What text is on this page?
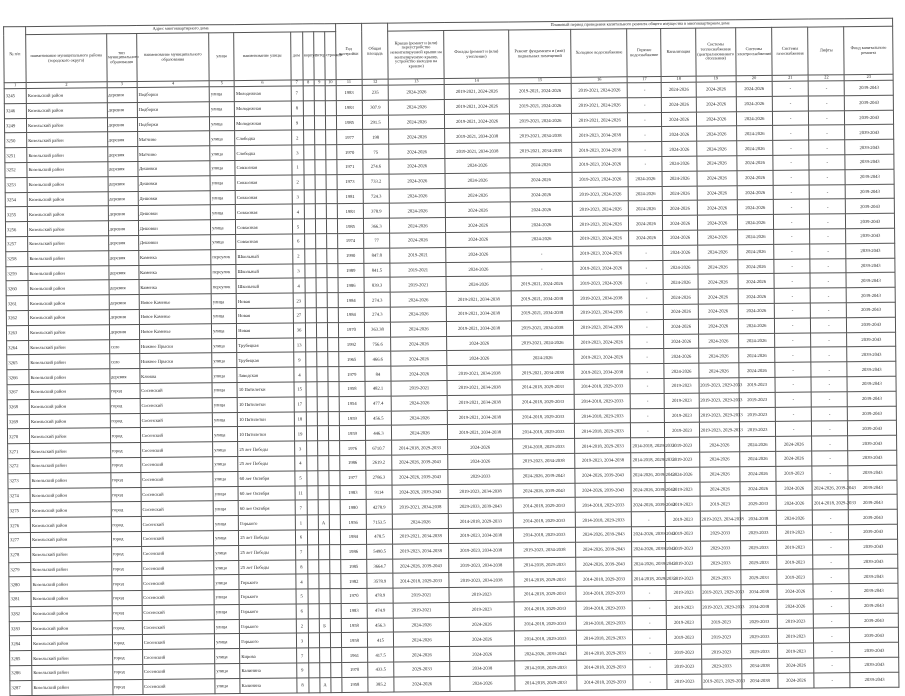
№ п/п	Адрес многоквартирного дома									Год постройки	Общая площадь	Плановый период проведения капитального ремонта общего имущества в многоквартирном доме										
	наименование муниципального района (городского округа)	тип муниципального образования	наименование муниципального образования	улица	наименование улицы	дом	корпус	литер	строение			Крыша (ремонт и (или) переустройство невентилируемой крыши на вентилируемую крышу, устройство выходов на кровлю)	Фасады (ремонт и (или) утепление)	Ремонт фундамента и (или) подвальных помещений	Холодное водоснабжение	Горячее водоснабжение	Канализация	Системы теплоснабжения (централизованного отопления)	Системы электроснабжения	Системы газоснабжения	Лифты	Фонд капитального ремонта
1	2	3	4	5	6	7	8	9	10	11	12	13	14	15	16	17	18	19	20	21	22	23
3245	Козельский район	деревня	Подборки	улица	Молодежная	7				1983	235	2024-2026	2019-2021, 2024-2026	2019-2021, 2024-2026	2019-2021, 2024-2026	-	2024-2026	2024-2026	2024-2026	-	-	2039-2043
3246	Козельский район	деревня	Подборки	улица	Молодежная	8				1983	307.9	2024-2026	2019-2021, 2024-2026	2019-2021, 2024-2026	2019-2021, 2024-2026	-	2024-2026	2024-2026	2024-2026	-	-	2039-2043
3249	Козельский район	деревня	Подборки	улица	Молодежная	9				1985	291.5	2024-2026	2019-2021, 2024-2026	2019-2021, 2024-2026	2019-2021, 2024-2026	-	2024-2026	2024-2026	2024-2026	-	-	2039-2043
3250	Козельский район	деревня	Матчино	улица	Слободка	2				1977	198	2024-2026	2019-2021, 2034-2038	2019-2021, 2034-2038	2019-2023, 2034-2038	-	2024-2026	2024-2026	2024-2026	-	-	2039-2043
3251	Козельский район	деревня	Матчино	улица	Слободка	3				1970	75	2024-2026	2019-2021, 2034-2038	2019-2021, 2034-2038	2019-2023, 2034-2038	-	2024-2026	2024-2026	2024-2026	-	-	2039-2043
3252	Козельский район	деревня	Дешовки	улица	Совхозная	1				1971	274.6	2024-2026	2024-2026	2024-2026	2019-2023, 2024-2026	-	2024-2026	2024-2026	2024-2026	-	-	2039-2043
3253	Козельский район	деревня	Дешовки	улица	Совхозная	2				1973	733.2	2024-2026	2024-2026	2024-2026	2019-2023, 2024-2026	2024-2026	2024-2026	2024-2026	2024-2026	-	-	2039-2043
3254	Козельский район	деревня	Дешовки	улица	Совхозная	3				1981	724.3	2024-2026	2024-2026	2024-2026	2019-2023, 2024-2026	2024-2026	2024-2026	2024-2026	2024-2026	-	-	2039-2043
3255	Козельский район	деревня	Дешовки	улица	Совхозная	4				1983	378.9	2024-2026	2024-2026	2024-2026	2019-2023, 2024-2026	2024-2026	2024-2026	2024-2026	2024-2026	-	-	2039-2043
3256	Козельский район	деревня	Дешовки	улица	Совхозная	5				1985	366.3	2024-2026	2024-2026	2024-2026	2019-2023, 2024-2026	2024-2026	2024-2026	2024-2026	2024-2026	-	-	2039-2043
3257	Козельский район	деревня	Дешовки	улица	Совхозная	6				1974	77	2024-2026	2024-2026	2024-2026	2019-2023, 2024-2026	2024-2026	2024-2026	2024-2026	2024-2026	-	-	2039-2043
3258	Козельский район	деревня	Каменка	переулок	Школьный	2				1990	847.8	2019-2021	2024-2026	-	2019-2023, 2024-2026	-	2024-2026	2024-2026	2024-2026	-	-	2039-2043
3259	Козельский район	деревня	Каменка	переулок	Школьный	3				1989	841.5	2019-2021	2024-2026	-	2019-2023, 2024-2026	-	2024-2026	2024-2026	2024-2026	-	-	2039-2043
3260	Козельский район	деревня	Каменка	переулок	Школьный	4				1986	839.3	2019-2021	2024-2026	2019-2021, 2024-2026	2019-2023, 2024-2026	-	2024-2026	2024-2026	2024-2026	-	-	2039-2043
3261	Козельский район	деревня	Новое Каменье	улица	Новая	23				1984	274.3	2024-2026	2019-2021, 2034-2038	2019-2021, 2034-2038	2019-2023, 2034-2038	-	2024-2026	2024-2026	2024-2026	-	-	2039-2043
3262	Козельский район	деревня	Новое Каменье	улица	Новая	27				1984	274.3	2024-2026	2019-2021, 2034-2038	2019-2021, 2034-2038	2019-2023, 2034-2038	-	2024-2026	2024-2026	2024-2026	-	-	2039-2043
3263	Козельский район	деревня	Новое Каменье	улица	Новая	36				1970	363.38	2024-2026	2019-2021, 2034-2038	2019-2021, 2034-2038	2019-2023, 2034-2038	-	2024-2026	2024-2026	2024-2026	-	-	2039-2043
3264	Козельский район	село	Нижнее Прыски	улица	Трубецкая	13				1992	756.6	2024-2026	2024-2026	2019-2021, 2024-2026	2019-2023, 2024-2026	-	2024-2026	2024-2026	2024-2026	-	-	2039-2043
3265	Козельский район	село	Нижнее Прыски	улица	Трубецкая	9				1965	466.6	2024-2026	2024-2026	2024-2026	2019-2023, 2024-2026	-	2024-2026	2024-2026	2024-2026	-	-	2039-2043
3266	Козельский район	деревня	Клюква	улица	Заводская	4				1979	84	2024-2026	2019-2021, 2034-2038	2019-2021, 2034-2038	2019-2023, 2034-2038	-	2024-2026	2024-2026	2024-2026	-	-	2039-2043
3267	Козельский район	город	Сосенский	улица	10 Пятилетки	15				1958	482.1	2019-2021	2019-2021, 2034-2038	2014-2018, 2029-2033	2014-2018, 2029-2033	-	2019-2023	2019-2023, 2029-2033	2019-2023	-	-	2039-2043
3268	Козельский район	город	Сосенский	улица	10 Пятилетки	17				1954	477.4	2024-2026	2019-2021, 2034-2038	2014-2018, 2029-2033	2014-2018, 2029-2033	-	2019-2023	2019-2023, 2029-2033	2019-2023	-	-	2039-2043
3269	Козельский район	город	Сосенский	улица	10 Пятилетки	18				1959	456.5	2024-2026	2019-2021, 2034-2038	2014-2018, 2029-2033	2014-2018, 2029-2033	-	2019-2023	2019-2023, 2029-2033	2019-2023	-	-	2039-2043
3270	Козельский район	город	Сосенский	улица	10 Пятилетки	19				1959	446.3	2024-2026	2019-2021, 2034-2038	2014-2018, 2029-2033	2014-2018, 2029-2033	-	2019-2023	2019-2023, 2029-2033	2019-2023	-	-	2039-2043
3271	Козельский район	город	Сосенский	улица	25 лет Победы	3				1976	6710.7	2014-2018, 2029-2033	2024-2026	2014-2018, 2029-2033	2014-2018, 2029-2033	2014-2018, 2029-2033	2019-2023	2024-2026	2024-2026	2024-2026	-	2039-2043
3272	Козельский район	город	Сосенский	улица	25 лет Победы	4				1986	2619.2	2024-2026, 2039-2043	2024-2026	2019-2023, 2034-2038	2019-2023, 2034-2038	2014-2018, 2029-2033	2019-2023	2024-2026	2024-2026	2024-2026	-	2039-2043
3273	Козельский район	город	Сосенский	улица	60 лет Октября	5				1977	2786.3	2024-2026, 2039-2043	2029-2033	2024-2026, 2039-2043	2024-2026, 2039-2043	2024-2026, 2039-2043	2024-2026	2024-2026	2024-2026	2019-2023	-	2039-2043
3274	Козельский район	город	Сосенский	улица	60 лет Октября	11				1983	9114	2024-2026, 2039-2043	2019-2023, 2034-2038	2024-2026, 2039-2043	2024-2026, 2039-2043	2024-2026, 2039-2043	2019-2023	2024-2026	2024-2026	2024-2026	2024-2026, 2039-2043	2039-2043
3275	Козельский район	город	Сосенский	улица	60 лет Октября	7				1980	4278.9	2019-2021, 2034-2038	2029-2033, 2039-2043	2014-2018, 2029-2033	2014-2018, 2029-2033	2024-2026, 2039-2043	2019-2023	2019-2023	2029-2033	2024-2026	2014-2018, 2029-2033	2039-2043
3276	Козельский район	город	Сосенский	улица	Горького	1		А		1956	7153.5	2024-2026	2014-2018, 2029-2033	2014-2018, 2029-2033	2014-2018, 2029-2033	-	2019-2023	2019-2023, 2034-2038	2034-2038	2024-2026	-	2039-2043
3277	Козельский район	город	Сосенский	улица	25 лет Победы	6				1984	478.5	2019-2021, 2034-2038	2019-2023, 2034-2038	2014-2018, 2029-2033	2024-2026, 2039-2043	2024-2026, 2039-2043	2019-2023	2029-2033	2029-2033	2019-2023	-	2039-2043
3278	Козельский район	город	Сосенский	улица	25 лет Победы	7				1986	5490.5	2019-2023, 2034-2038	2019-2023, 2034-2038	2019-2023, 2034-2038	2024-2026, 2039-2043	2024-2026, 2039-2043	2019-2023	2029-2033	2029-2033	2019-2023	-	2039-2043
3279	Козельский район	город	Сосенский	улица	25 лет Победы	8				1985	3664.7	2024-2026, 2039-2043	2019-2023, 2034-2038	2014-2018, 2029-2033	2024-2026, 2039-2043	2024-2026, 2039-2043	2019-2023	2029-2033	2029-2033	2019-2023	-	2039-2043
3280	Козельский район	город	Сосенский	улица	Горького	4				1982	3578.9	2014-2018, 2029-2033	2019-2023, 2034-2038	2014-2018, 2029-2033	2014-2018, 2029-2033	2014-2018, 2029-2033	2019-2023	2029-2033	2029-2033	2019-2023	-	2039-2043
3281	Козельский район	город	Сосенский	улица	Горького	5				1970	478.9	2019-2021	2019-2023	2014-2018, 2029-2033	2014-2018, 2029-2033	-	2019-2023	2019-2023, 2029-2033	2034-2038	2024-2026	-	2039-2043
3282	Козельский район	город	Сосенский	улица	Горького	6				1983	474.9	2019-2021	2019-2023	2014-2018, 2029-2033	2014-2018, 2029-2033	-	2019-2023	2019-2023, 2029-2033	2034-2038	2024-2026	-	2039-2043
3283	Козельский район	город	Сосенский	улица	Горького	2		Б		1958	456.3	2024-2026	2024-2026	2014-2018, 2029-2033	2014-2018, 2029-2033	-	2019-2023	2019-2023	2029-2033	2019-2023	-	2039-2043
3284	Козельский район	город	Сосенский	улица	Горького	3				1958	415	2024-2026	2024-2026	2014-2018, 2029-2033	2014-2018, 2029-2033	-	2019-2023	2019-2023	2029-2033	2019-2023	-	2039-2043
3285	Козельский район	город	Сосенский	улица	Кирова	7				1961	417.5	2024-2026	2024-2026	2024-2026, 2039-2043	2014-2018, 2029-2033	-	2019-2023	2019-2023	2029-2033	2019-2023	-	2039-2043
3286	Козельский район	город	Сосенский	улица	Калинина	9				1970	433.5	2029-2033	2034-2038	2014-2018, 2029-2033	2014-2018, 2029-2033	-	2019-2023	2029-2033	2034-2038	2024-2026	-	2039-2043
3287	Козельский район	город	Сосенский	улица	Калинина	8		А		1958	385.2	2024-2026	2024-2026	2014-2018, 2029-2033	2014-2018, 2029-2033	-	2019-2023	2019-2023, 2029-2033	2034-2038	2024-2026	-	2039-2043
